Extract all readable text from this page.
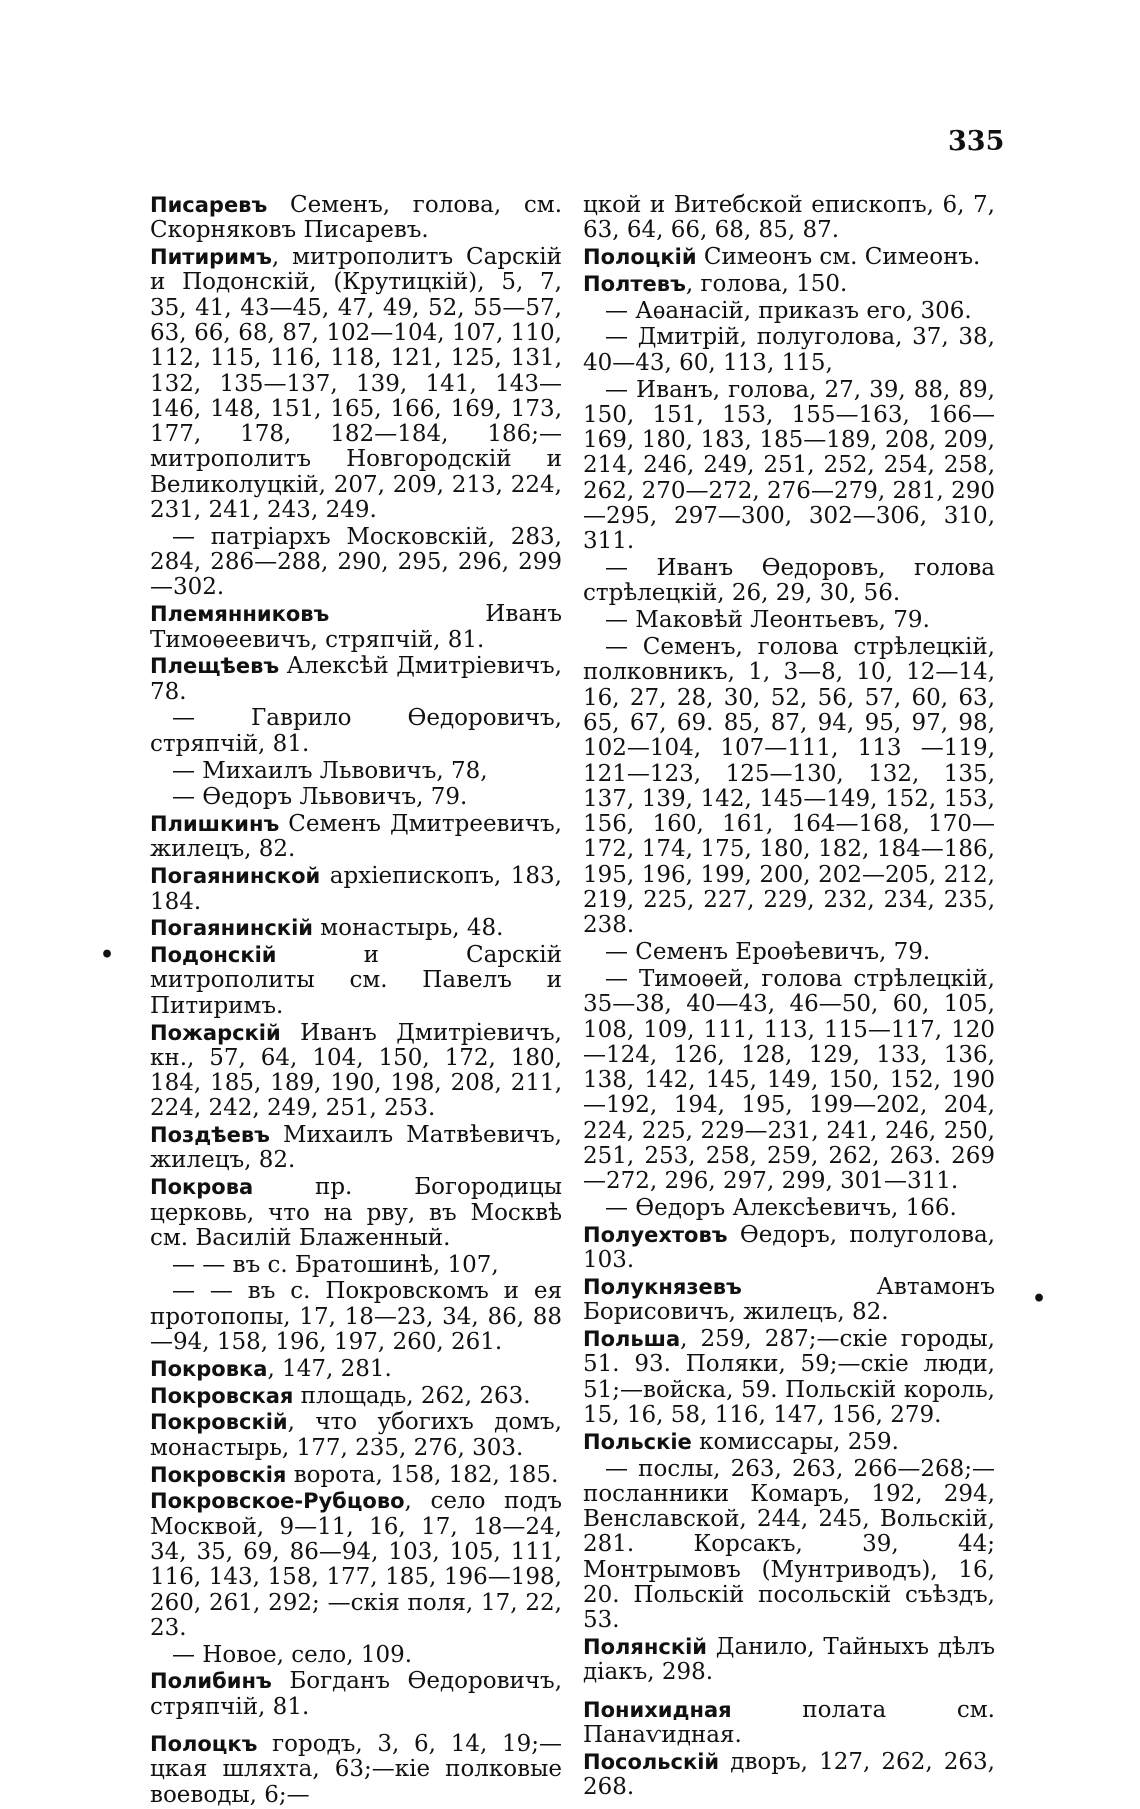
335

Писаревъ Семенъ, голова, см. Скорняковъ Писаревъ.

Питиримъ, митрополитъ Сарскій и Подонскій, (Крутицкій), 5, 7, 35, 41, 43—45, 47, 49, 52, 55—57, 63, 66, 68, 87, 102—104, 107, 110, 112, 115, 116, 118, 121, 125, 131, 132, 135—137, 139, 141, 143—146, 148, 151, 165, 166, 169, 173, 177, 178, 182—184, 186;—митрополитъ Новгородскій и Великолуцкій, 207, 209, 213, 224, 231, 241, 243, 249.

— патріархъ Московскій, 283, 284, 286—288, 290, 295, 296, 299—302.

Племянниковъ Иванъ Тимоѳеевичъ, стряпчій, 81.

Плещѣевъ Алексѣй Дмитріевичъ, 78.

— Гаврило Ѳедоровичъ, стряпчій, 81.

— Михаилъ Львовичъ, 78,

— Ѳедоръ Львовичъ, 79.

Плишкинъ Семенъ Дмитреевичъ, жилецъ, 82.

Погаянинской архіепископъ, 183, 184.

Погаянинскій монастырь, 48.

Подонскій и Сарскій митрополиты см. Павелъ и Питиримъ.

Пожарскій Иванъ Дмитріевичъ, кн., 57, 64, 104, 150, 172, 180, 184, 185, 189, 190, 198, 208, 211, 224, 242, 249, 251, 253.

Поздѣевъ Михаилъ Матвѣевичъ, жилецъ, 82.

Покрова пр. Богородицы церковь, что на рву, въ Москвѣ см. Василій Блаженный.

— — въ с. Братошинѣ, 107,

— — въ с. Покровскомъ и ея протопопы, 17, 18—23, 34, 86, 88—94, 158, 196, 197, 260, 261.

Покровка, 147, 281.

Покровская площадь, 262, 263.

Покровскій, что убогихъ домъ, монастырь, 177, 235, 276, 303.

Покровскія ворота, 158, 182, 185.

Покровское-Рубцово, село подъ Москвой, 9—11, 16, 17, 18—24, 34, 35, 69, 86—94, 103, 105, 111, 116, 143, 158, 177, 185, 196—198, 260, 261, 292; —скія поля, 17, 22, 23.

— Новое, село, 109.

Полибинъ Богданъ Ѳедоровичъ, стряпчій, 81.

Полоцкъ городъ, 3, 6, 14, 19;—цкая шляхта, 63;—кіе полковые воеводы, 6;—

цкой и Витебской епископъ, 6, 7, 63, 64, 66, 68, 85, 87.

Полоцкій Симеонъ см. Симеонъ.

Полтевъ, голова, 150.

— Аѳанасій, приказъ его, 306.

— Дмитрій, полуголова, 37, 38, 40—43, 60, 113, 115,

— Иванъ, голова, 27, 39, 88, 89, 150, 151, 153, 155—163, 166—169, 180, 183, 185—189, 208, 209, 214, 246, 249, 251, 252, 254, 258, 262, 270—272, 276—279, 281, 290—295, 297—300, 302—306, 310, 311.

— Иванъ Ѳедоровъ, голова стрѣлецкій, 26, 29, 30, 56.

— Маковѣй Леонтьевъ, 79.

— Семенъ, голова стрѣлецкій, полковникъ, 1, 3—8, 10, 12—14, 16, 27, 28, 30, 52, 56, 57, 60, 63, 65, 67, 69. 85, 87, 94, 95, 97, 98, 102—104, 107—111, 113 —119, 121—123, 125—130, 132, 135, 137, 139, 142, 145—149, 152, 153, 156, 160, 161, 164—168, 170—172, 174, 175, 180, 182, 184—186, 195, 196, 199, 200, 202—205, 212, 219, 225, 227, 229, 232, 234, 235, 238.

— Семенъ Ероѳѣевичъ, 79.

— Тимоѳей, голова стрѣлецкій, 35—38, 40—43, 46—50, 60, 105, 108, 109, 111, 113, 115—117, 120—124, 126, 128, 129, 133, 136, 138, 142, 145, 149, 150, 152, 190—192, 194, 195, 199—202, 204, 224, 225, 229—231, 241, 246, 250, 251, 253, 258, 259, 262, 263. 269—272, 296, 297, 299, 301—311.

— Ѳедоръ Алексѣевичъ, 166.

Полуехтовъ Ѳедоръ, полуголова, 103.

Полукнязевъ Автамонъ Борисовичъ, жилецъ, 82.

Польша, 259, 287;—скіе городы, 51. 93. Поляки, 59;—скіе люди, 51;—войска, 59. Польскій король, 15, 16, 58, 116, 147, 156, 279.

Польскіе комиссары, 259.

— послы, 263, 263, 266—268;—посланники Комаръ, 192, 294, Венславской, 244, 245, Вольскій, 281. Корсакъ, 39, 44; Монтрымовъ (Мунтриводъ), 16, 20. Польскій посольскій съѣздъ, 53.

Полянскій Данило, Тайныхъ дѣлъ діакъ, 298.

Понихидная полата см. Панаѵидная.

Посольскій дворъ, 127, 262, 263, 268.

•
•
